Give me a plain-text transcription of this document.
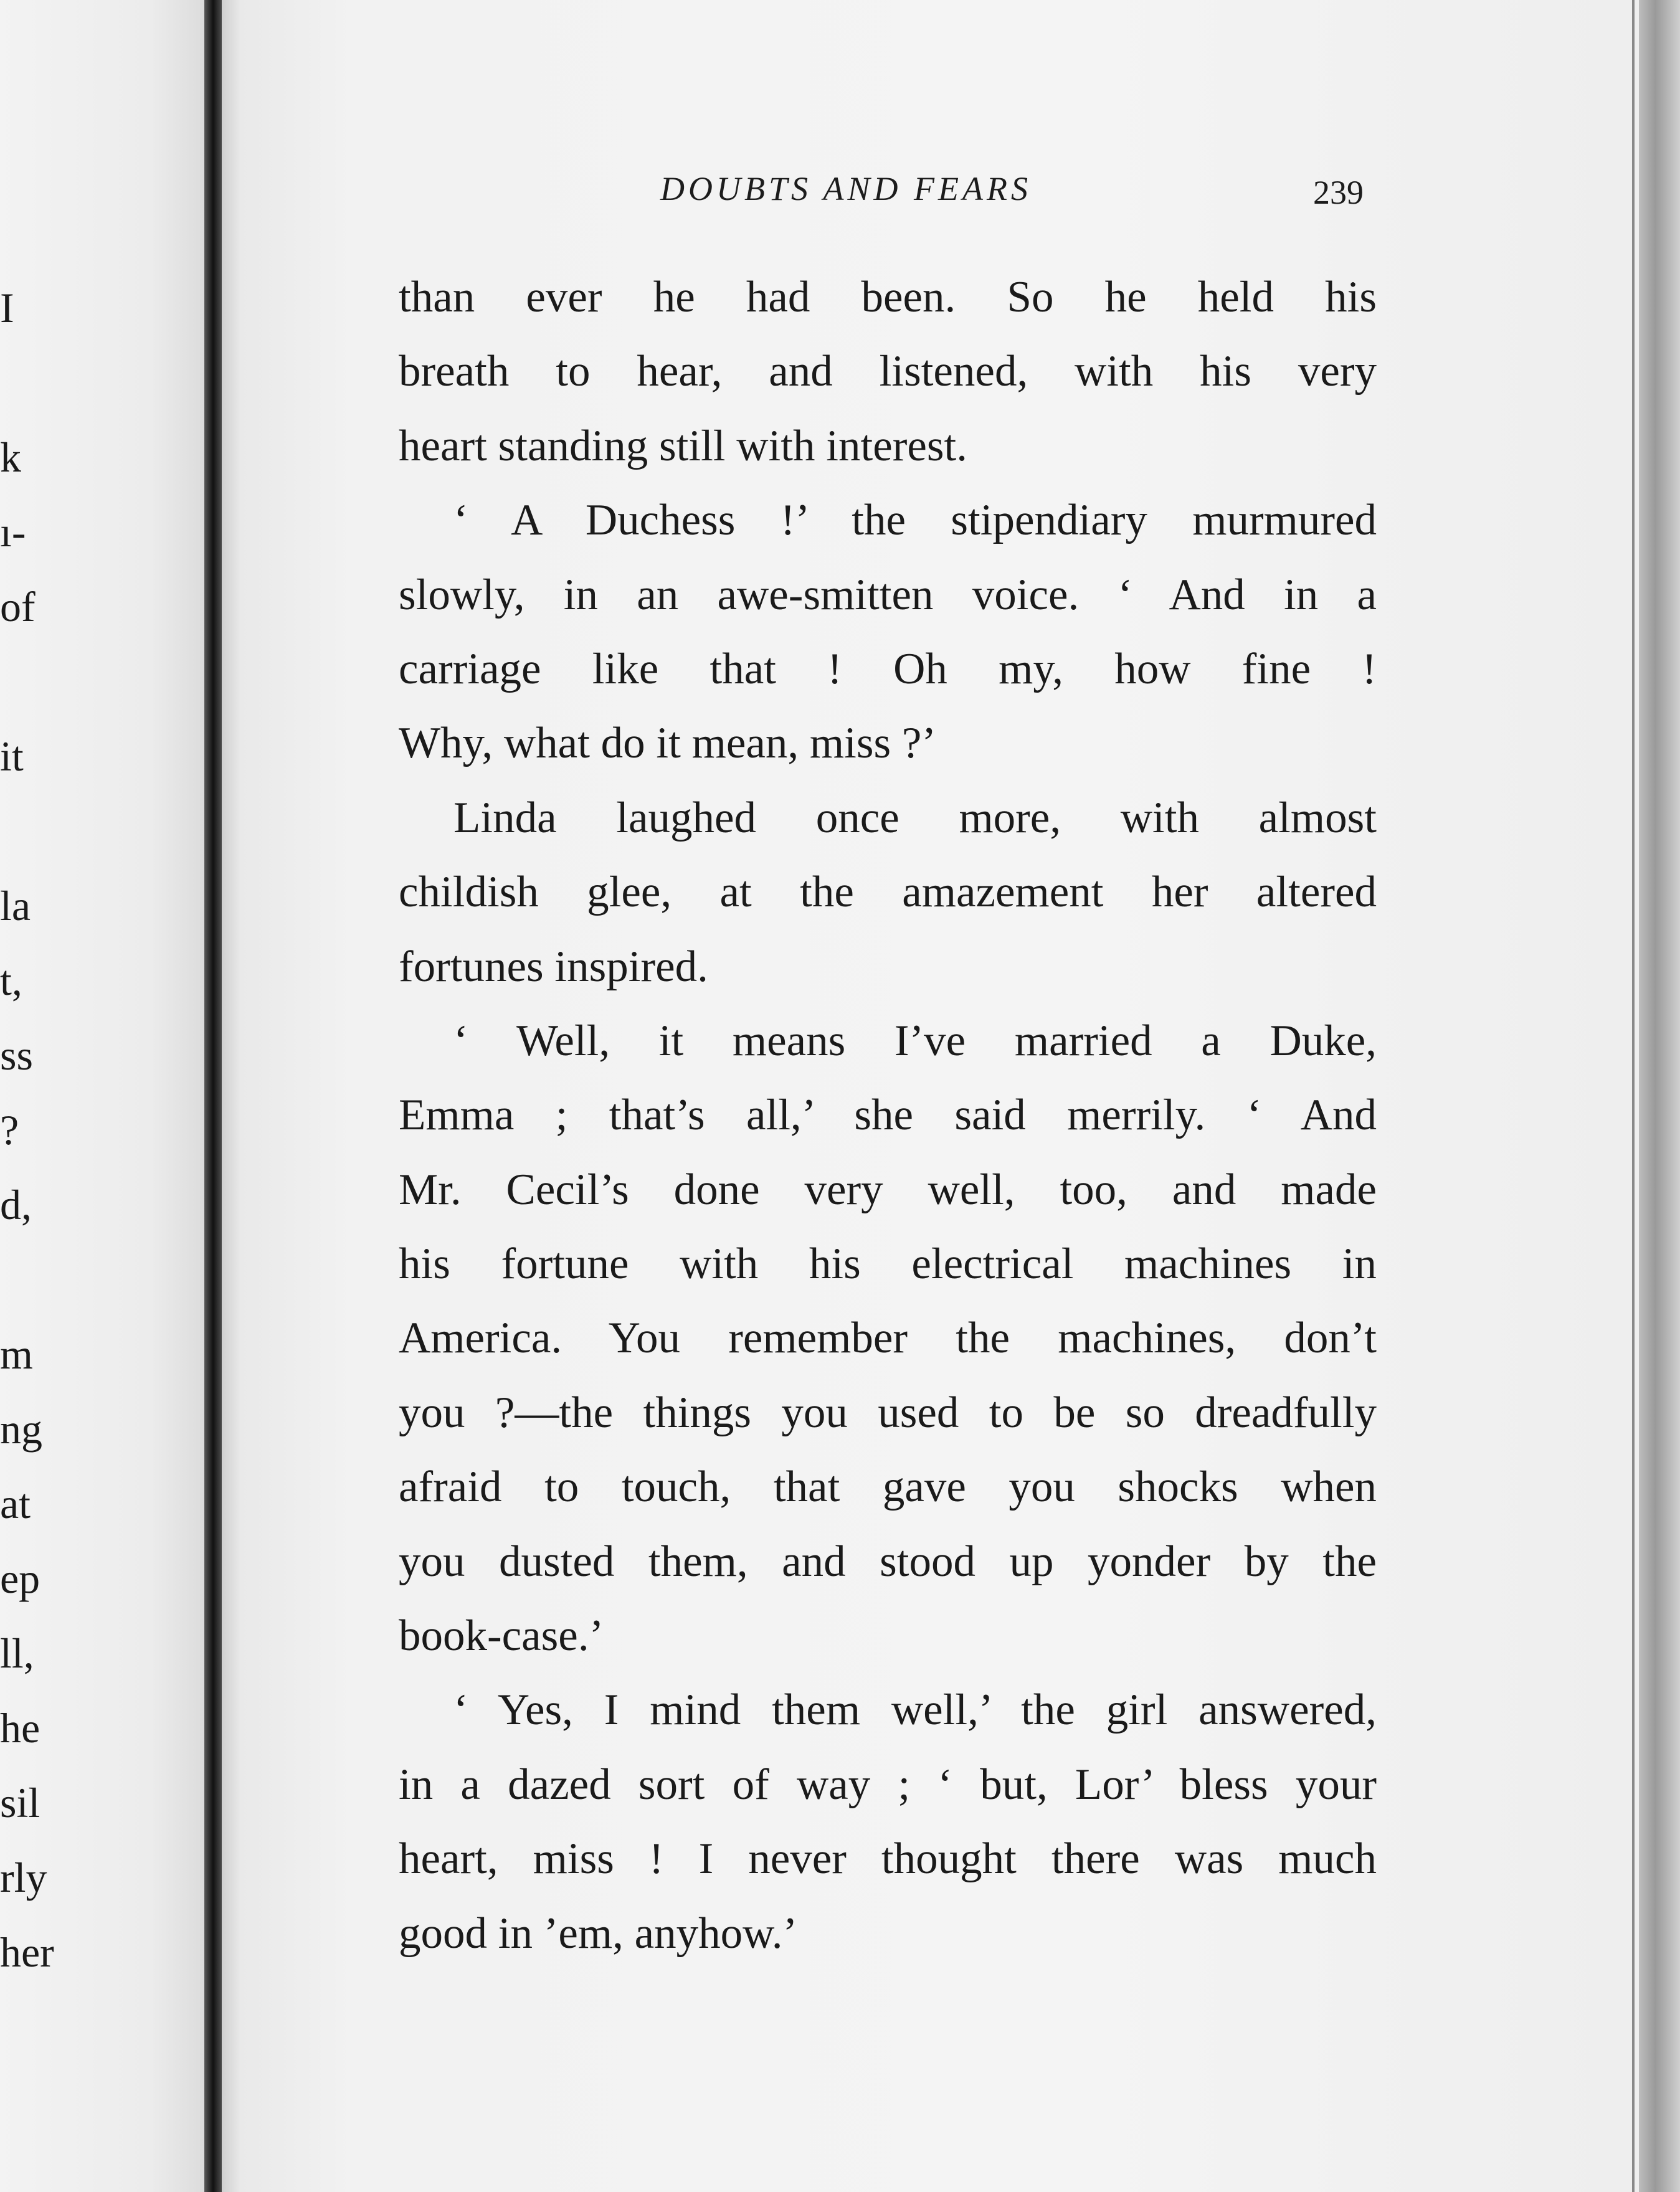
I
k
ı-
of
it
la
t,
ss
?
d,
m
ng
at
ep
ll,
he
sil
rly
her
DOUBTS AND FEARS	239
than ever he had been. So he held his
breath to hear, and listened, with his very
heart standing still with interest.
‘ A Duchess !’ the stipendiary murmured
slowly, in an awe-smitten voice. ‘ And in a
carriage like that ! Oh my, how fine !
Why, what do it mean, miss ?’
Linda laughed once more, with almost
childish glee, at the amazement her altered
fortunes inspired.
‘ Well, it means I’ve married a Duke,
Emma ; that’s all,’ she said merrily. ‘ And
Mr. Cecil’s done very well, too, and made
his fortune with his electrical machines in
America. You remember the machines, don’t
you ?—the things you used to be so dreadfully
afraid to touch, that gave you shocks when
you dusted them, and stood up yonder by the
book-case.’
‘ Yes, I mind them well,’ the girl answered,
in a dazed sort of way ; ‘ but, Lor’ bless your
heart, miss ! I never thought there was much
good in ’em, anyhow.’
